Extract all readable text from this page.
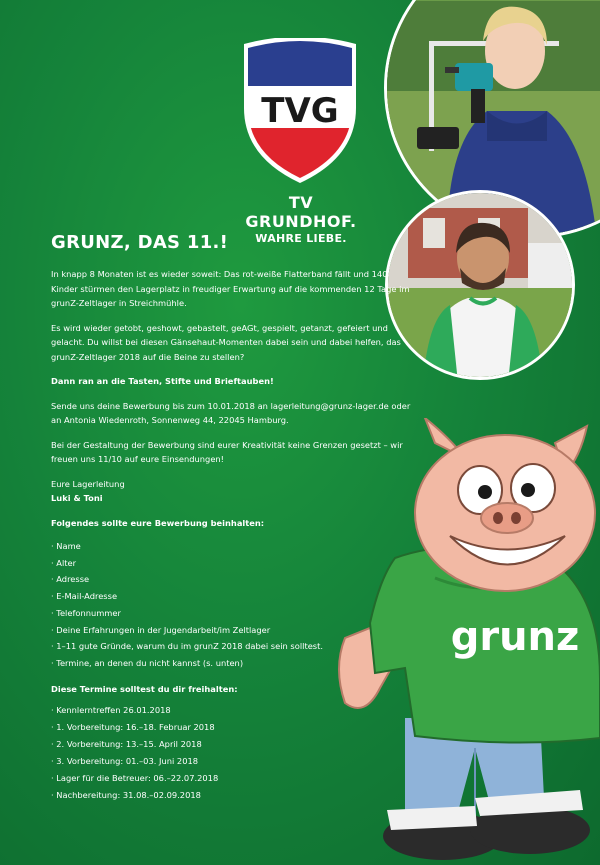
TVG
TV GRUNDHOF.
WAHRE LIEBE.
GRUNZ, DAS 11.!

In knapp 8 Monaten ist es wieder soweit: Das rot-weiße Flatterband fällt und 140 Kinder stürmen den Lagerplatz in freudiger Erwartung auf die kommenden 12 Tage im grunZ-Zeltlager in Streichmühle.

Es wird wieder getobt, geshowt, gebastelt, geAGt, gespielt, getanzt, gefeiert und gelacht. Du willst bei diesen Gänsehaut-Momenten dabei sein und dabei helfen, das grunZ-Zeltlager 2018 auf die Beine zu stellen?

Dann ran an die Tasten, Stifte und Brieftauben!

Sende uns deine Bewerbung bis zum 10.01.2018 an lagerleitung@grunz-lager.de oder an Antonia Wiedenroth, Sonnenweg 44, 22045 Hamburg.

Bei der Gestaltung der Bewerbung sind eurer Kreativität keine Grenzen gesetzt – wir freuen uns 11/10 auf eure Einsendungen!

Eure Lagerleitung
Luki & Toni

Folgendes sollte eure Bewerbung beinhalten:

· Name
· Alter
· Adresse
· E-Mail-Adresse
· Telefonnummer
· Deine Erfahrungen in der Jugendarbeit/im Zeltlager
· 1–11 gute Gründe, warum du im grunZ 2018 dabei sein solltest.
· Termine, an denen du nicht kannst (s. unten)

Diese Termine solltest du dir freihalten:

· Kennlerntreffen 26.01.2018
· 1. Vorbereitung: 16.–18. Februar 2018
· 2. Vorbereitung: 13.–15. April 2018
· 3. Vorbereitung: 01.–03. Juni 2018
· Lager für die Betreuer: 06.–22.07.2018
· Nachbereitung: 31.08.–02.09.2018
grunz
